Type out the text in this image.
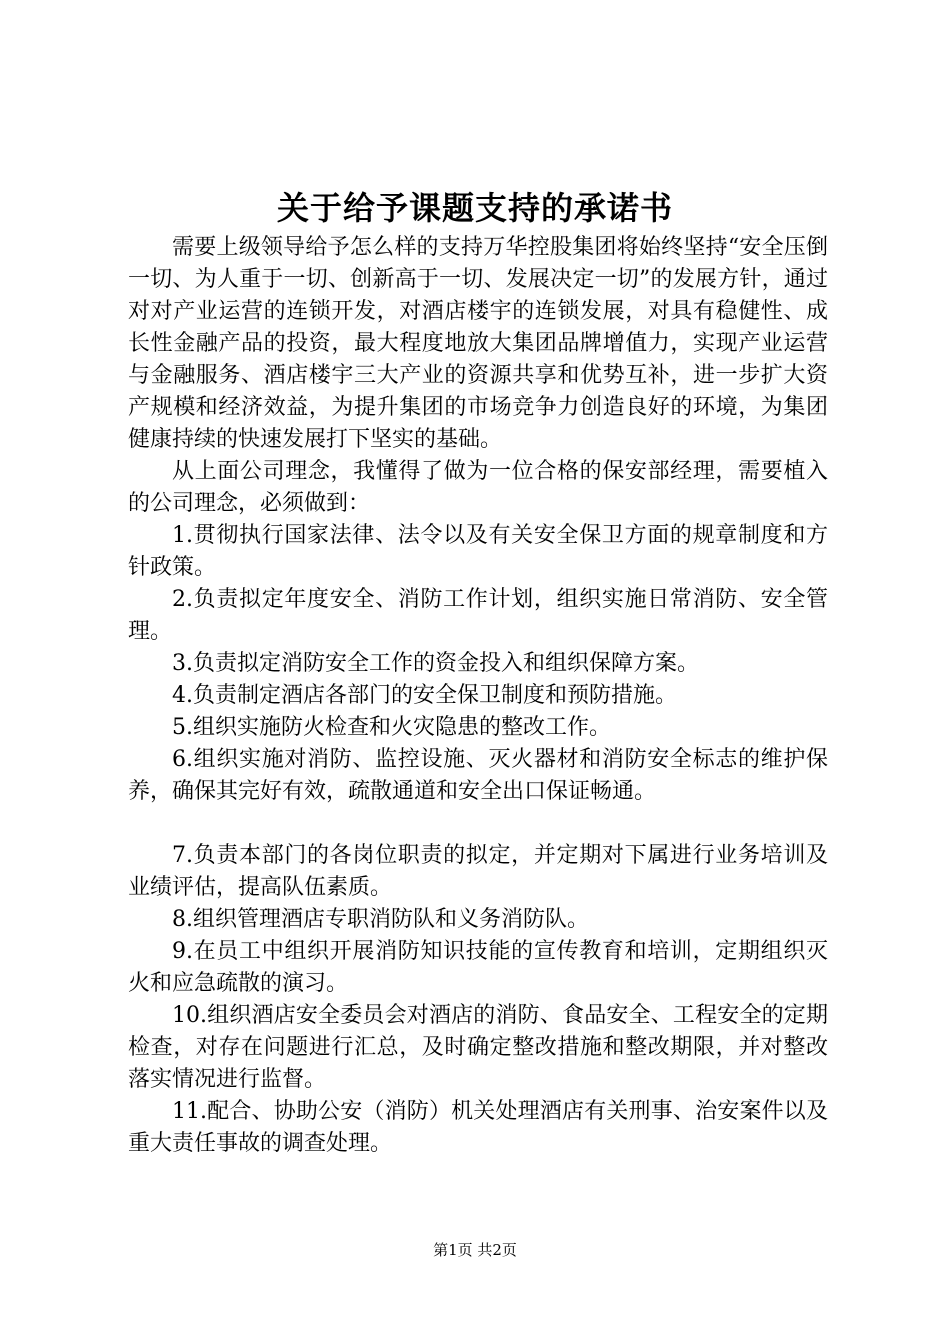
关于给予课题支持的承诺书

需要上级领导给予怎么样的支持万华控股集团将始终坚持“安全压倒一切、为人重于一切、创新高于一切、发展决定一切”的发展方针，通过对对产业运营的连锁开发，对酒店楼宇的连锁发展，对具有稳健性、成长性金融产品的投资，最大程度地放大集团品牌增值力，实现产业运营与金融服务、酒店楼宇三大产业的资源共享和优势互补，进一步扩大资产规模和经济效益，为提升集团的市场竞争力创造良好的环境，为集团健康持续的快速发展打下坚实的基础。

从上面公司理念，我懂得了做为一位合格的保安部经理，需要植入的公司理念，必须做到：

1.贯彻执行国家法律、法令以及有关安全保卫方面的规章制度和方针政策。

2.负责拟定年度安全、消防工作计划，组织实施日常消防、安全管理。

3.负责拟定消防安全工作的资金投入和组织保障方案。

4.负责制定酒店各部门的安全保卫制度和预防措施。

5.组织实施防火检查和火灾隐患的整改工作。

6.组织实施对消防、监控设施、灭火器材和消防安全标志的维护保养，确保其完好有效，疏散通道和安全出口保证畅通。

7.负责本部门的各岗位职责的拟定，并定期对下属进行业务培训及业绩评估，提高队伍素质。

8.组织管理酒店专职消防队和义务消防队。

9.在员工中组织开展消防知识技能的宣传教育和培训，定期组织灭火和应急疏散的演习。

10.组织酒店安全委员会对酒店的消防、食品安全、工程安全的定期检查，对存在问题进行汇总，及时确定整改措施和整改期限，并对整改落实情况进行监督。

11.配合、协助公安（消防）机关处理酒店有关刑事、治安案件以及重大责任事故的调查处理。

第1页 共2页
